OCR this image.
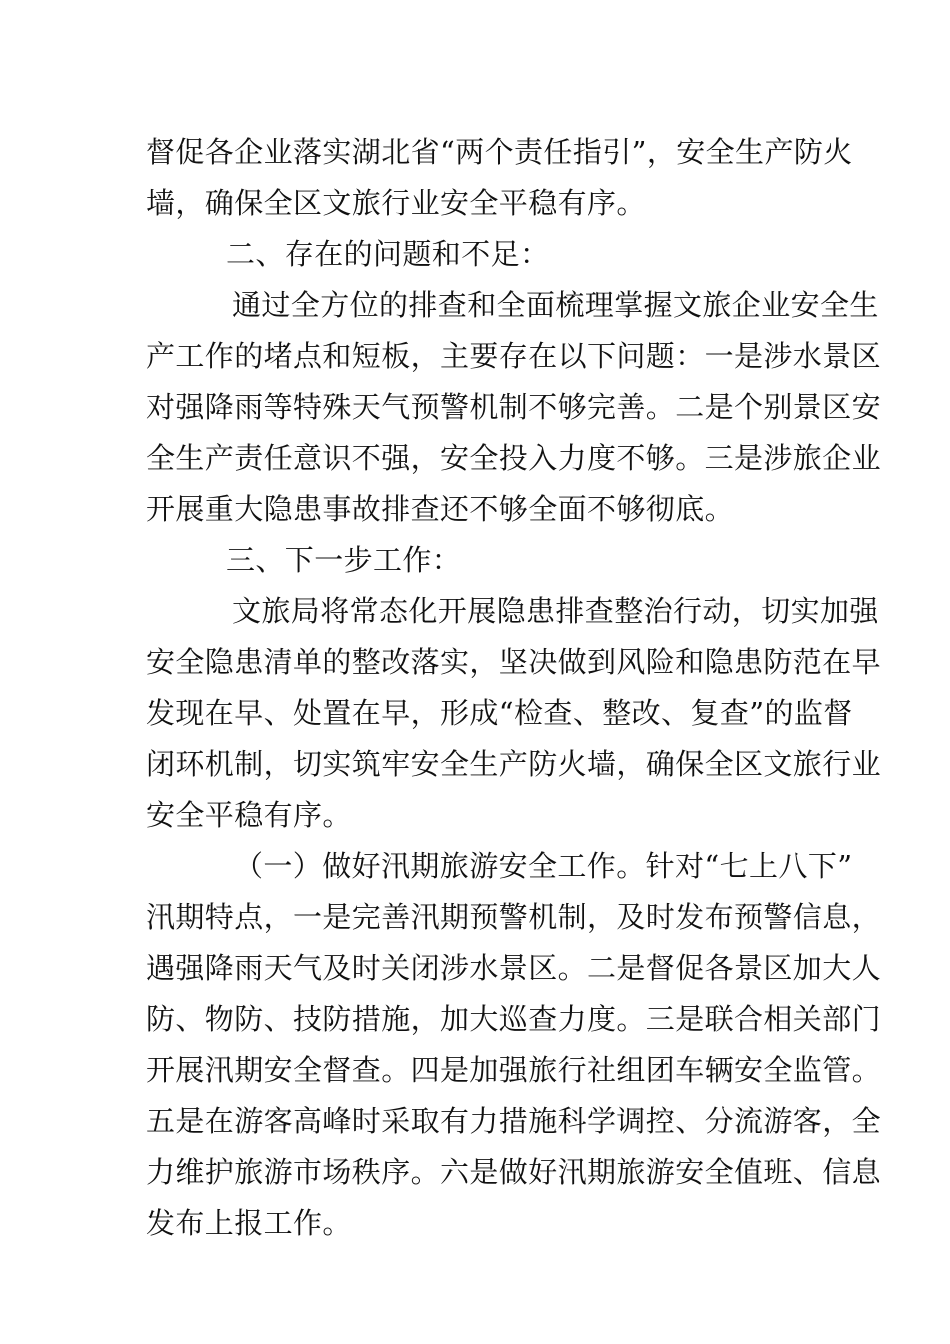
督促各企业落实湖北省“两个责任指引”，安全生产防火
墙，确保全区文旅行业安全平稳有序。
二、存在的问题和不足：
通过全方位的排查和全面梳理掌握文旅企业安全生
产工作的堵点和短板，主要存在以下问题：一是涉水景区
对强降雨等特殊天气预警机制不够完善。二是个别景区安
全生产责任意识不强，安全投入力度不够。三是涉旅企业
开展重大隐患事故排查还不够全面不够彻底。
三、下一步工作：
文旅局将常态化开展隐患排查整治行动，切实加强
安全隐患清单的整改落实，坚决做到风险和隐患防范在早
发现在早、处置在早，形成“检查、整改、复查”的监督
闭环机制，切实筑牢安全生产防火墙，确保全区文旅行业
安全平稳有序。
（一）做好汛期旅游安全工作。针对“七上八下”
汛期特点，一是完善汛期预警机制，及时发布预警信息，
遇强降雨天气及时关闭涉水景区。二是督促各景区加大人
防、物防、技防措施，加大巡查力度。三是联合相关部门
开展汛期安全督查。四是加强旅行社组团车辆安全监管。
五是在游客高峰时采取有力措施科学调控、分流游客，全
力维护旅游市场秩序。六是做好汛期旅游安全值班、信息
发布上报工作。
